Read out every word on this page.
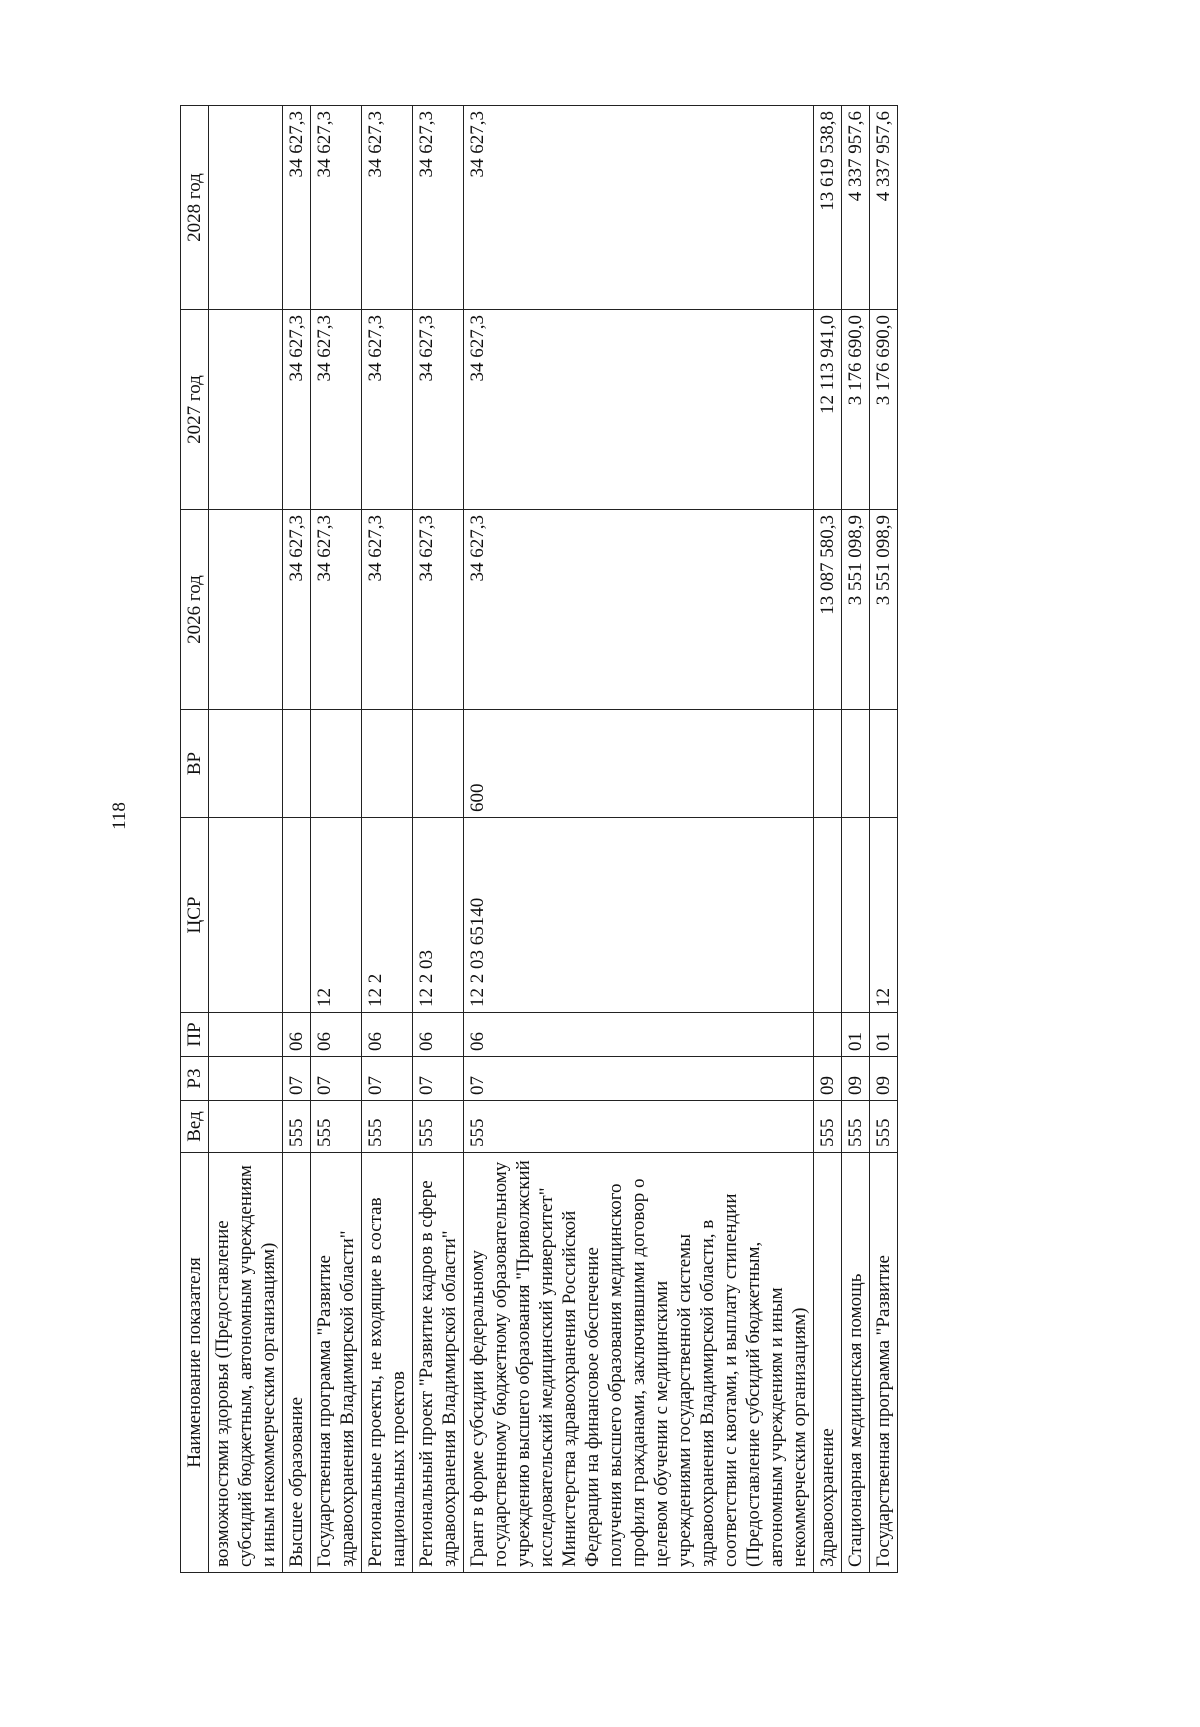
118
Наименование показателя	Вед	РЗ	ПР	ЦСР	ВР	2026 год	2027 год	2028 год
возможностями здоровья (Предоставление субсидий бюджетным, автономным учреждениям и иным некоммерческим организациям)								
Высшее образование	555	07	06			34 627,3	34 627,3	34 627,3
Государственная программа "Развитие здравоохранения Владимирской области"	555	07	06	12		34 627,3	34 627,3	34 627,3
Региональные проекты, не входящие в состав национальных проектов	555	07	06	12 2		34 627,3	34 627,3	34 627,3
Региональный проект "Развитие кадров в сфере здравоохранения Владимирской области"	555	07	06	12 2 03		34 627,3	34 627,3	34 627,3
Грант в форме субсидии федеральному государственному бюджетному образовательному учреждению высшего образования "Приволжский исследовательский медицинский университет" Министерства здравоохранения Российской Федерации на финансовое обеспечение получения высшего образования медицинского профиля гражданами, заключившими договор о целевом обучении с медицинскими учреждениями государственной системы здравоохранения Владимирской области, в соответствии с квотами, и выплату стипендии (Предоставление субсидий бюджетным, автономным учреждениям и иным некоммерческим организациям)	555	07	06	12 2 03 65140	600	34 627,3	34 627,3	34 627,3
Здравоохранение	555	09				13 087 580,3	12 113 941,0	13 619 538,8
Стационарная медицинская помощь	555	09	01			3 551 098,9	3 176 690,0	4 337 957,6
Государственная программа "Развитие	555	09	01	12		3 551 098,9	3 176 690,0	4 337 957,6
